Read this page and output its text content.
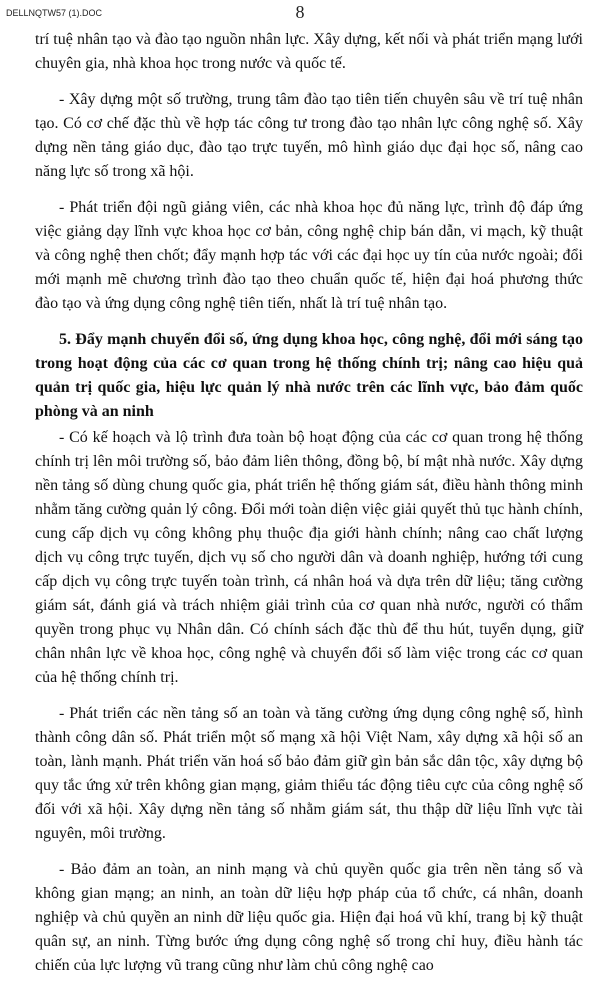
DELLNQTW57 (1).DOC	8

trí tuệ nhân tạo và đào tạo nguồn nhân lực. Xây dựng, kết nối và phát triển mạng lưới chuyên gia, nhà khoa học trong nước và quốc tế.

- Xây dựng một số trường, trung tâm đào tạo tiên tiến chuyên sâu về trí tuệ nhân tạo. Có cơ chế đặc thù về hợp tác công tư trong đào tạo nhân lực công nghệ số. Xây dựng nền tảng giáo dục, đào tạo trực tuyến, mô hình giáo dục đại học số, nâng cao năng lực số trong xã hội.

- Phát triển đội ngũ giảng viên, các nhà khoa học đủ năng lực, trình độ đáp ứng việc giảng dạy lĩnh vực khoa học cơ bản, công nghệ chip bán dẫn, vi mạch, kỹ thuật và công nghệ then chốt; đẩy mạnh hợp tác với các đại học uy tín của nước ngoài; đổi mới mạnh mẽ chương trình đào tạo theo chuẩn quốc tế, hiện đại hoá phương thức đào tạo và ứng dụng công nghệ tiên tiến, nhất là trí tuệ nhân tạo.

5. Đẩy mạnh chuyển đổi số, ứng dụng khoa học, công nghệ, đổi mới sáng tạo trong hoạt động của các cơ quan trong hệ thống chính trị; nâng cao hiệu quả quản trị quốc gia, hiệu lực quản lý nhà nước trên các lĩnh vực, bảo đảm quốc phòng và an ninh

- Có kế hoạch và lộ trình đưa toàn bộ hoạt động của các cơ quan trong hệ thống chính trị lên môi trường số, bảo đảm liên thông, đồng bộ, bí mật nhà nước. Xây dựng nền tảng số dùng chung quốc gia, phát triển hệ thống giám sát, điều hành thông minh nhằm tăng cường quản lý công. Đổi mới toàn diện việc giải quyết thủ tục hành chính, cung cấp dịch vụ công không phụ thuộc địa giới hành chính; nâng cao chất lượng dịch vụ công trực tuyến, dịch vụ số cho người dân và doanh nghiệp, hướng tới cung cấp dịch vụ công trực tuyến toàn trình, cá nhân hoá và dựa trên dữ liệu; tăng cường giám sát, đánh giá và trách nhiệm giải trình của cơ quan nhà nước, người có thẩm quyền trong phục vụ Nhân dân. Có chính sách đặc thù để thu hút, tuyển dụng, giữ chân nhân lực về khoa học, công nghệ và chuyển đổi số làm việc trong các cơ quan của hệ thống chính trị.

- Phát triển các nền tảng số an toàn và tăng cường ứng dụng công nghệ số, hình thành công dân số. Phát triển một số mạng xã hội Việt Nam, xây dựng xã hội số an toàn, lành mạnh. Phát triển văn hoá số bảo đảm giữ gìn bản sắc dân tộc, xây dựng bộ quy tắc ứng xử trên không gian mạng, giảm thiểu tác động tiêu cực của công nghệ số đối với xã hội. Xây dựng nền tảng số nhằm giám sát, thu thập dữ liệu lĩnh vực tài nguyên, môi trường.

- Bảo đảm an toàn, an ninh mạng và chủ quyền quốc gia trên nền tảng số và không gian mạng; an ninh, an toàn dữ liệu hợp pháp của tổ chức, cá nhân, doanh nghiệp và chủ quyền an ninh dữ liệu quốc gia. Hiện đại hoá vũ khí, trang bị kỹ thuật quân sự, an ninh. Từng bước ứng dụng công nghệ số trong chỉ huy, điều hành tác chiến của lực lượng vũ trang cũng như làm chủ công nghệ cao
